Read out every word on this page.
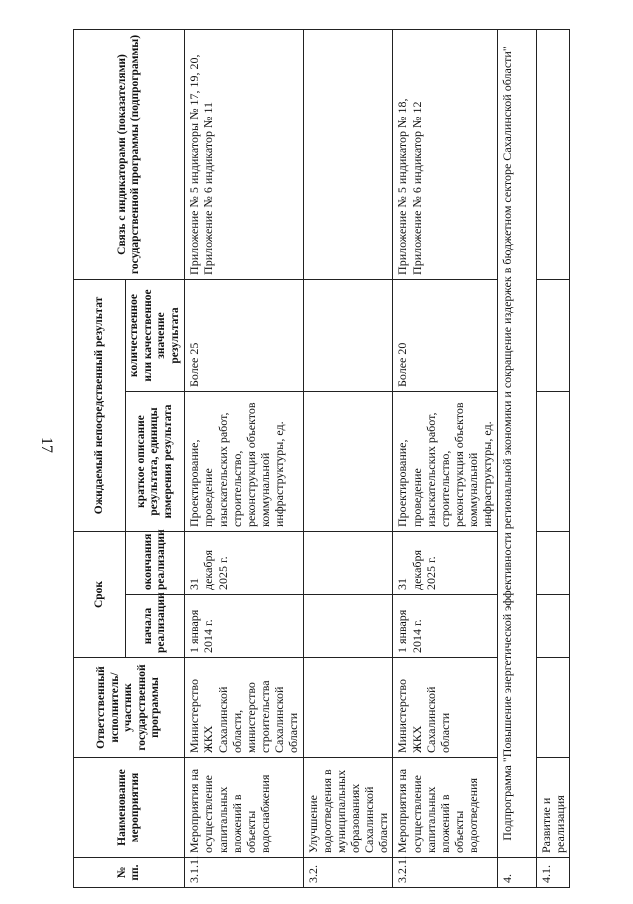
17
№ пп.	Наименование мероприятия	Ответственный исполнитель/участник государственной программы	Срок		Ожидаемый непосредственный результат		Связь с индикаторами (показателями) государственной программы (подпрограммы)
			начала реализации	окончания реализации	краткое описание результата, единицы измерения результата	количественное или качественное значение результата	
3.1.1.	Мероприятия на осуществление капитальных вложений в объекты водоснабжения	Министерство ЖКХ Сахалинской области, министерство строительства Сахалинской области	1 января 2014 г.	31 декабря 2025 г.	Проектирование, проведение изыскательских работ, строительство, реконструкция объектов коммунальной инфраструктуры, ед.	Более 25	Приложение № 5 индикаторы № 17, 19, 20, Приложение № 6 индикатор № 11
3.2.	Улучшение водоотведения в муниципальных образованиях Сахалинской области						
3.2.1.	Мероприятия на осуществление капитальных вложений в объекты водоотведения	Министерство ЖКХ Сахалинской области	1 января 2014 г.	31 декабря 2025 г.	Проектирование, проведение изыскательских работ, строительство, реконструкция объектов коммунальной инфраструктуры, ед.	Более 20	Приложение № 5 индикатор № 18, Приложение № 6 индикатор № 12
4.	Подпрограмма "Повышение энергетической эффективности региональной экономики и сокращение издержек в бюджетном секторе Сахалинской области"						
4.1.	Развитие и реализация						
